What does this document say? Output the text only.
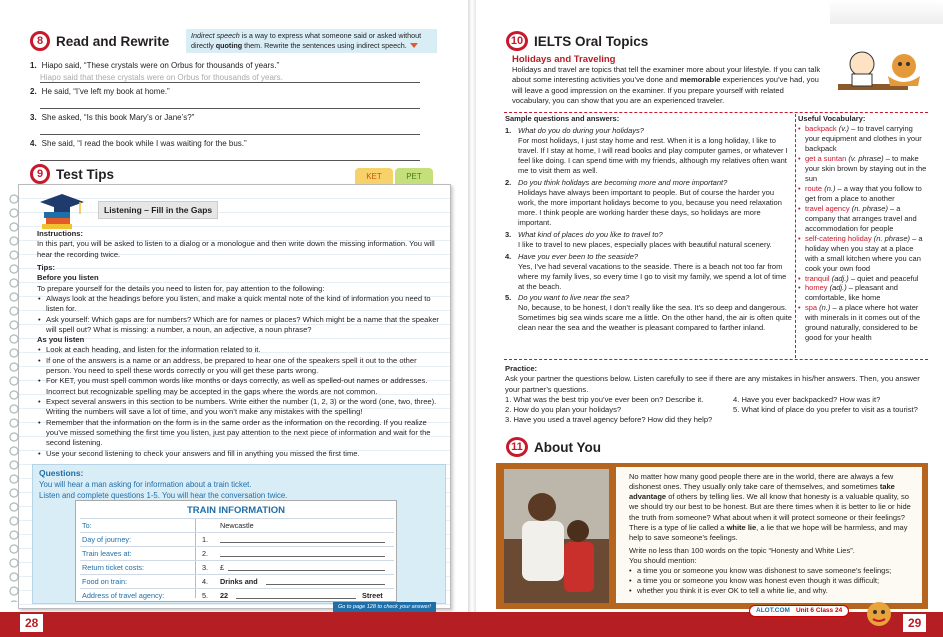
8 Read and Rewrite	Indirect speech is a way to express what someone said or asked without directly quoting them. Rewrite the sentences using indirect speech.
1. Hiapo said, “These crystals were on Orbus for thousands of years.”
Hiapo said that these crystals were on Orbus for thousands of years.
2. He said, “I’ve left my book at home.”
3. She asked, “Is this book Mary’s or Jane’s?”
4. She said, “I read the book while I was waiting for the bus.”
9 Test Tips	KET	PET
Listening – Fill in the Gaps

Instructions:

In this part, you will be asked to listen to a dialog or a monologue and then write down the missing information. You will hear the recording twice.

Tips:

Before you listen

To prepare yourself for the details you need to listen for, pay attention to the following:

• Always look at the headings before you listen, and make a quick mental note of the kind of information you need to listen for.
• Ask yourself: Which gaps are for numbers? Which are for names or places? Which might be a name that the speaker will spell out? What is missing: a number, a noun, an adjective, a noun phrase?

As you listen

• Look at each heading, and listen for the information related to it.
• If one of the answers is a name or an address, be prepared to hear one of the speakers spell it out to the other person. You need to spell these words correctly or you will get these parts wrong.
• For KET, you must spell common words like months or days correctly, as well as spelled-out names or addresses. Incorrect but recognizable spelling may be accepted in the gaps where the words are not common.
• Expect several answers in this section to be numbers. Write either the number (1, 2, 3) or the word (one, two, three). Writing the numbers will save a lot of time, and you won’t make any mistakes with the spelling!
• Remember that the information on the form is in the same order as the information on the recording. If you realize you’ve missed something the first time you listen, just pay attention to the next piece of information and wait for the second listening.
• Use your second listening to check your answers and fill in anything you missed the first time.
Questions:
You will hear a man asking for information about a train ticket.
Listen and complete questions 1-5. You will hear the conversation twice.
TRAIN INFORMATION
To:	Newcastle
Day of journey:	1.
Train leaves at:	2.
Return ticket costs:	3. £
Food on train:	4. Drinks and
Address of travel agency:	5. 22	Street
Go to page 128 to check your answer!
10 IELTS Oral Topics
Holidays and Traveling
Holidays and travel are topics that tell the examiner more about your lifestyle. If you can talk about some interesting activities you’ve done and memorable experiences you’ve had, you will leave a good impression on the examiner. If you prepare yourself with related vocabulary, you can show that you are an experienced traveler.
Sample questions and answers:
1. What do you do during your holidays?
For most holidays, I just stay home and rest. When it is a long holiday, I like to travel. If I stay at home, I will read books and play computer games, or whatever I feel like doing. I can spend time with my friends, although my relatives often want me to visit them as well.
2. Do you think holidays are becoming more and more important?
Holidays have always been important to people. But of course the harder you work, the more important holidays become to you, because you need relaxation more. I think people are working harder these days, so holidays are more important.
3. What kind of places do you like to travel to?
I like to travel to new places, especially places with beautiful natural scenery.
4. Have you ever been to the seaside?
Yes, I’ve had several vacations to the seaside. There is a beach not too far from where my family lives, so every time I go to visit my family, we spend a lot of time at the beach.
5. Do you want to live near the sea?
No, because, to be honest, I don’t really like the sea. It’s so deep and dangerous. Sometimes big sea winds scare me a little. On the other hand, the air is often quite clean near the sea and the weather is pleasant compared to farther inland.
Useful Vocabulary:
• backpack (v.) – to travel carrying your equipment and clothes in your backpack
• get a suntan (v. phrase) – to make your skin brown by staying out in the sun
• route (n.) – a way that you follow to get from a place to another
• travel agency (n. phrase) – a company that arranges travel and accommodation for people
• self-catering holiday (n. phrase) – a holiday when you stay at a place with a small kitchen where you can cook your own food
• tranquil (adj.) – quiet and peaceful
• homey (adj.) – pleasant and comfortable, like home
• spa (n.) – a place where hot water with minerals in it comes out of the ground naturally, considered to be good for your health
Practice:
Ask your partner the questions below. Listen carefully to see if there are any mistakes in his/her answers. Then, you answer your partner’s questions.
1. What was the best trip you’ve ever been on? Describe it.	4. Have you ever backpacked? How was it?
2. How do you plan your holidays?	5. What kind of place do you prefer to visit as a tourist?
3. Have you used a travel agency before? How did they help?
11 About You

No matter how many good people there are in the world, there are always a few dishonest ones. They usually only take care of themselves, and sometimes take advantage of others by telling lies. We all know that honesty is a valuable quality, so we should try our best to be honest. But are there times when it is better to lie or hide the truth from someone? What about when it will protect someone or their feelings? There is a type of lie called a white lie, a lie that we hope will be harmless, and may help to save someone’s feelings.

Write no less than 100 words on the topic “Honesty and White Lies”.

You should mention:

• a time you or someone you know was dishonest to save someone’s feelings;
• a time you or someone you know was honest even though it was difficult;
• whether you think it is ever OK to tell a white lie, and why.
28	29
ALOT.COM Unit 6 Class 24
